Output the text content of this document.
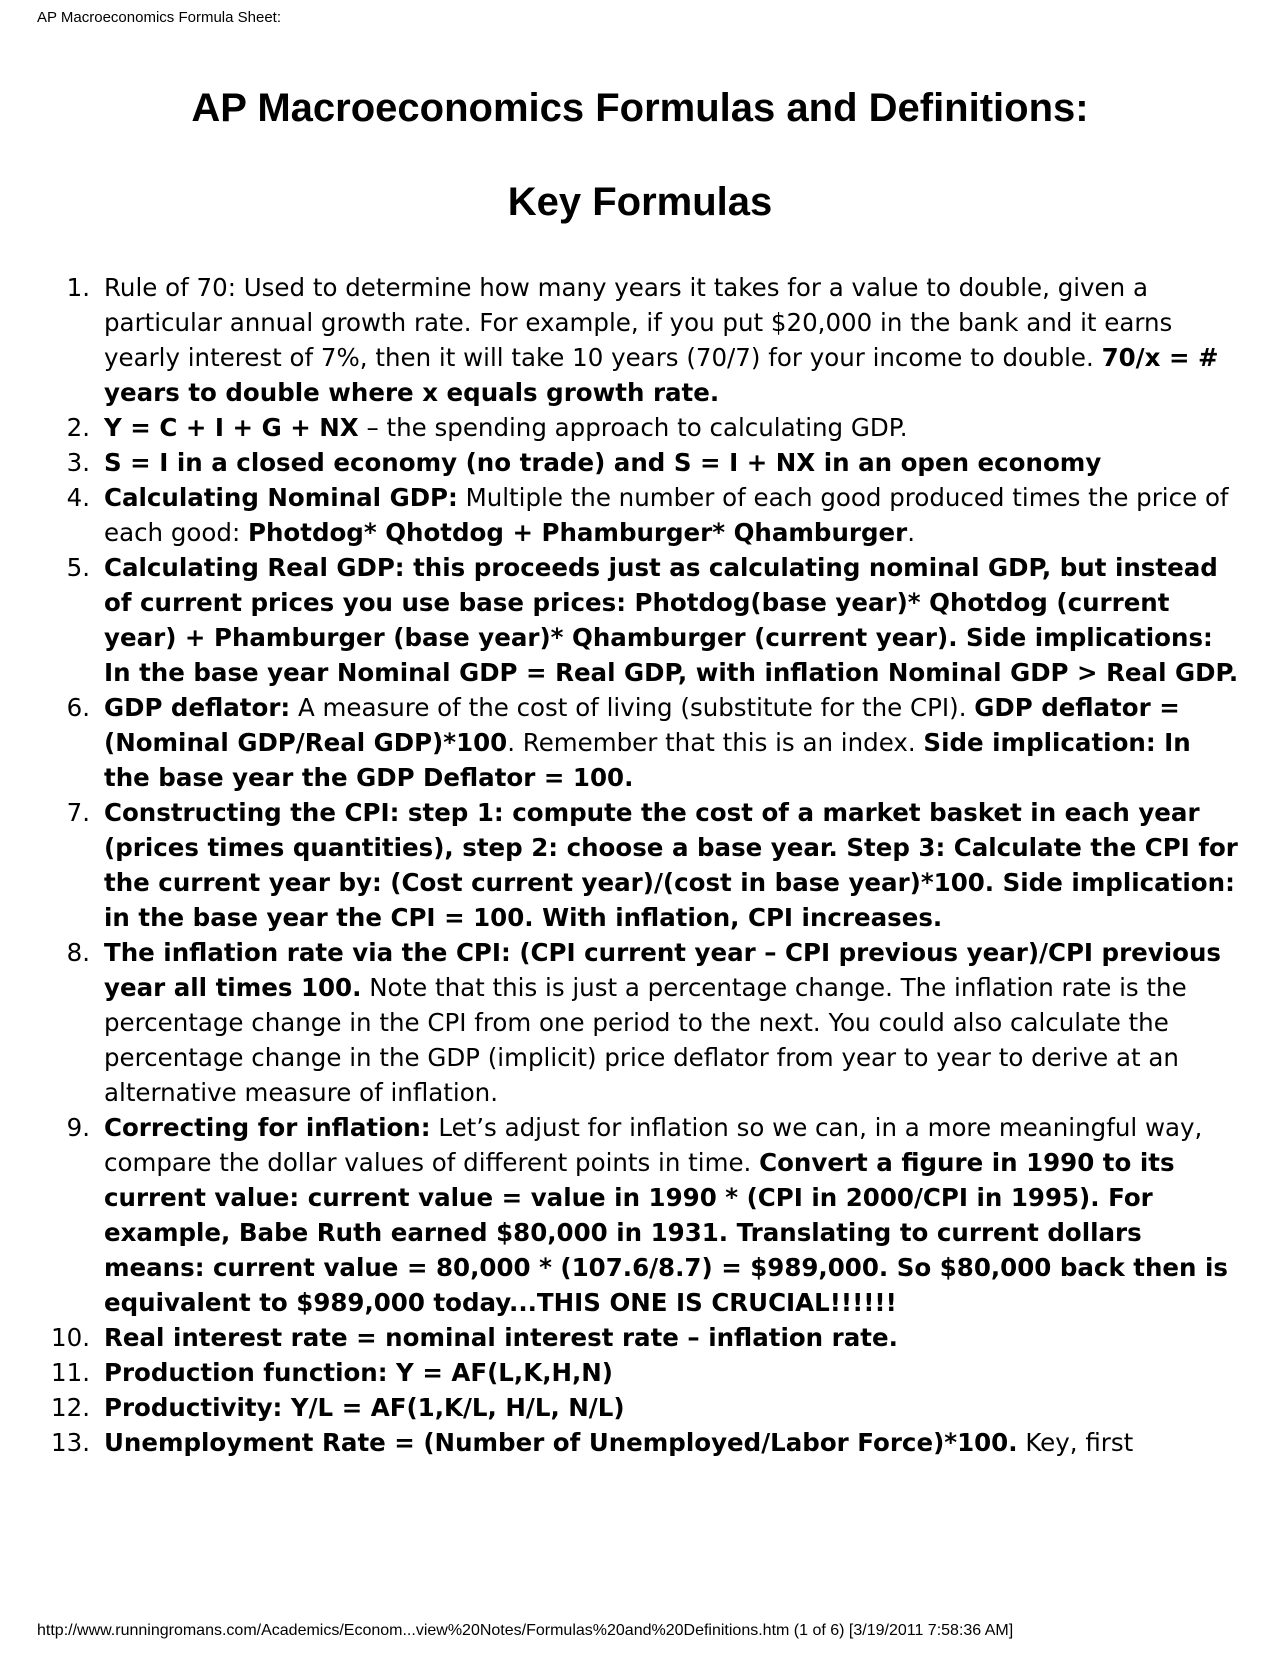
AP Macroeconomics Formula Sheet:
AP Macroeconomics Formulas and Definitions:
Key Formulas
1. Rule of 70: Used to determine how many years it takes for a value to double, given a particular annual growth rate. For example, if you put $20,000 in the bank and it earns yearly interest of 7%, then it will take 10 years (70/7) for your income to double. 70/x = # years to double where x equals growth rate.
2. Y = C + I + G + NX – the spending approach to calculating GDP.
3. S = I in a closed economy (no trade) and S = I + NX in an open economy
4. Calculating Nominal GDP: Multiple the number of each good produced times the price of each good: Photdog* Qhotdog + Phamburger* Qhamburger.
5. Calculating Real GDP: this proceeds just as calculating nominal GDP, but instead of current prices you use base prices: Photdog(base year)* Qhotdog (current year) + Phamburger (base year)* Qhamburger (current year). Side implications: In the base year Nominal GDP = Real GDP, with inflation Nominal GDP > Real GDP.
6. GDP deflator: A measure of the cost of living (substitute for the CPI). GDP deflator = (Nominal GDP/Real GDP)*100. Remember that this is an index. Side implication: In the base year the GDP Deflator = 100.
7. Constructing the CPI: step 1: compute the cost of a market basket in each year (prices times quantities), step 2: choose a base year. Step 3: Calculate the CPI for the current year by: (Cost current year)/(cost in base year)*100. Side implication: in the base year the CPI = 100. With inflation, CPI increases.
8. The inflation rate via the CPI: (CPI current year – CPI previous year)/CPI previous year all times 100. Note that this is just a percentage change. The inflation rate is the percentage change in the CPI from one period to the next. You could also calculate the percentage change in the GDP (implicit) price deflator from year to year to derive at an alternative measure of inflation.
9. Correcting for inflation: Let’s adjust for inflation so we can, in a more meaningful way, compare the dollar values of different points in time. Convert a figure in 1990 to its current value: current value = value in 1990 * (CPI in 2000/CPI in 1995). For example, Babe Ruth earned $80,000 in 1931. Translating to current dollars means: current value = 80,000 * (107.6/8.7) = $989,000. So $80,000 back then is equivalent to $989,000 today...THIS ONE IS CRUCIAL!!!!!!
10. Real interest rate = nominal interest rate – inflation rate.
11. Production function: Y = AF(L,K,H,N)
12. Productivity: Y/L = AF(1,K/L, H/L, N/L)
13. Unemployment Rate = (Number of Unemployed/Labor Force)*100. Key, first
http://www.runningromans.com/Academics/Econom...view%20Notes/Formulas%20and%20Definitions.htm (1 of 6) [3/19/2011 7:58:36 AM]
